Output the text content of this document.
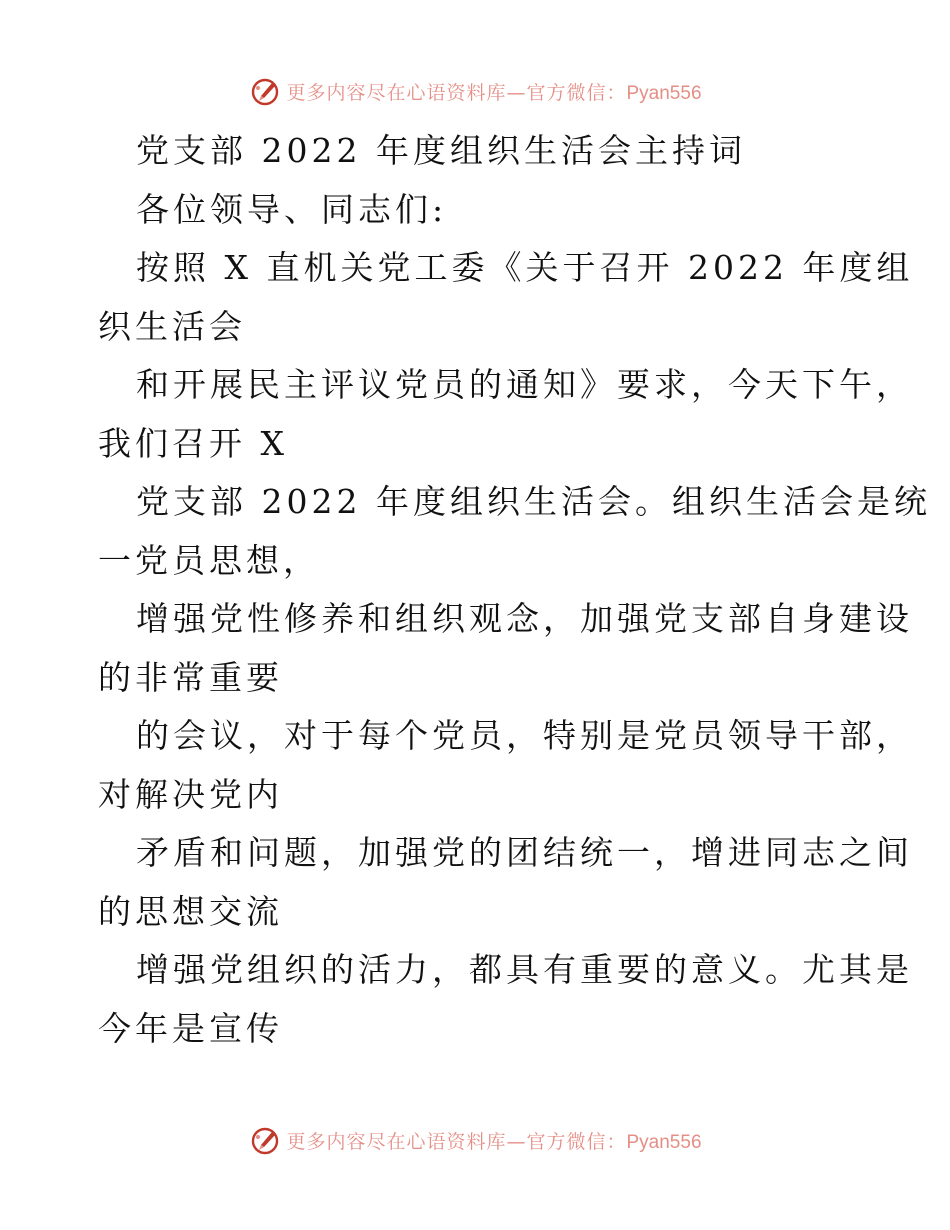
更多内容尽在心语资料库—官方微信：Pyan556
党支部 2022 年度组织生活会主持词
各位领导、同志们:
按照 X 直机关党工委《关于召开 2022 年度组
织生活会
和开展民主评议党员的通知》要求，今天下午，
我们召开 X
党支部 2022 年度组织生活会。组织生活会是统
一党员思想，
增强党性修养和组织观念，加强党支部自身建设
的非常重要
的会议，对于每个党员，特别是党员领导干部，
对解决党内
矛盾和问题，加强党的团结统一，增进同志之间
的思想交流
增强党组织的活力，都具有重要的意义。尤其是
今年是宣传
更多内容尽在心语资料库—官方微信：Pyan556
